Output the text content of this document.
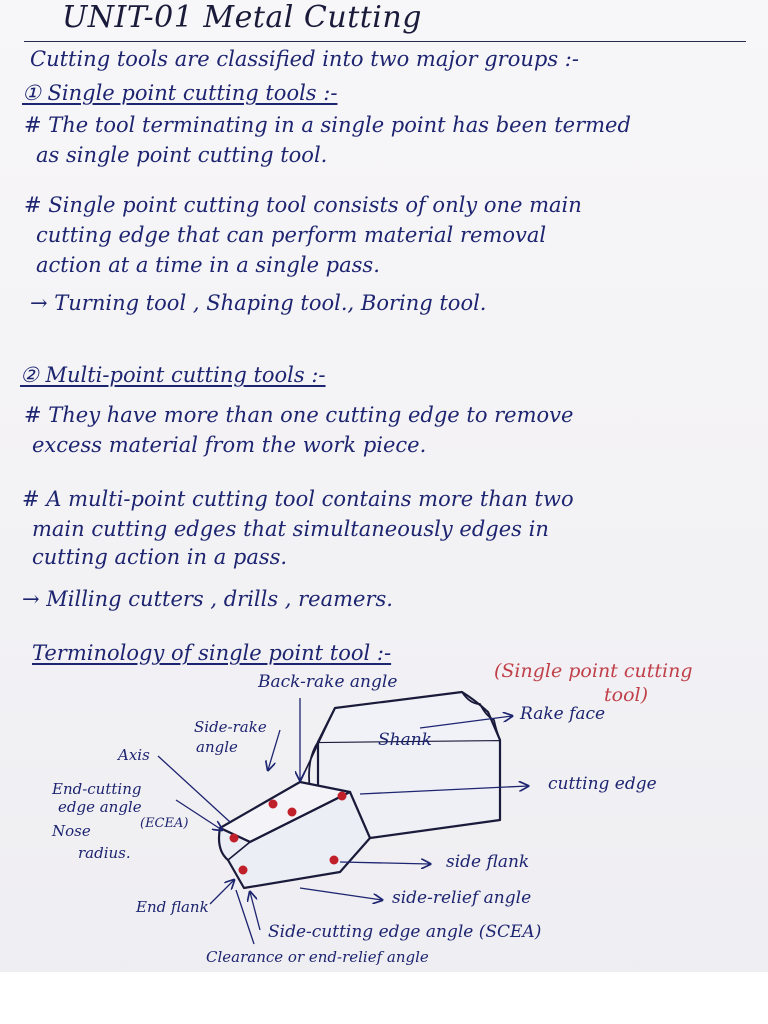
UNIT-01 Metal Cutting
Cutting tools are classified into two major groups :-
① Single point cutting tools :-
# The tool terminating in a single point has been termed
as single point cutting tool.
# Single point cutting tool consists of only one main
cutting edge that can perform material removal
action at a time in a single pass.
→ Turning tool , Shaping tool., Boring tool.
② Multi-point cutting tools :-
# They have more than one cutting edge to remove
excess material from the work piece.
# A multi-point cutting tool contains more than two
main cutting edges that simultaneously edges in
cutting action in a pass.
→ Milling cutters , drills , reamers.
Terminology of single point tool :-
(Single point cutting
tool)
Back-rake angle
Rake face
Side-rake
angle	Shank
Axis
End-cutting
edge angle
(ECEA)
Nose
radius.
cutting edge
side flank
side-relief angle
End flank
Side-cutting edge angle (SCEA)
Clearance or end-relief angle
